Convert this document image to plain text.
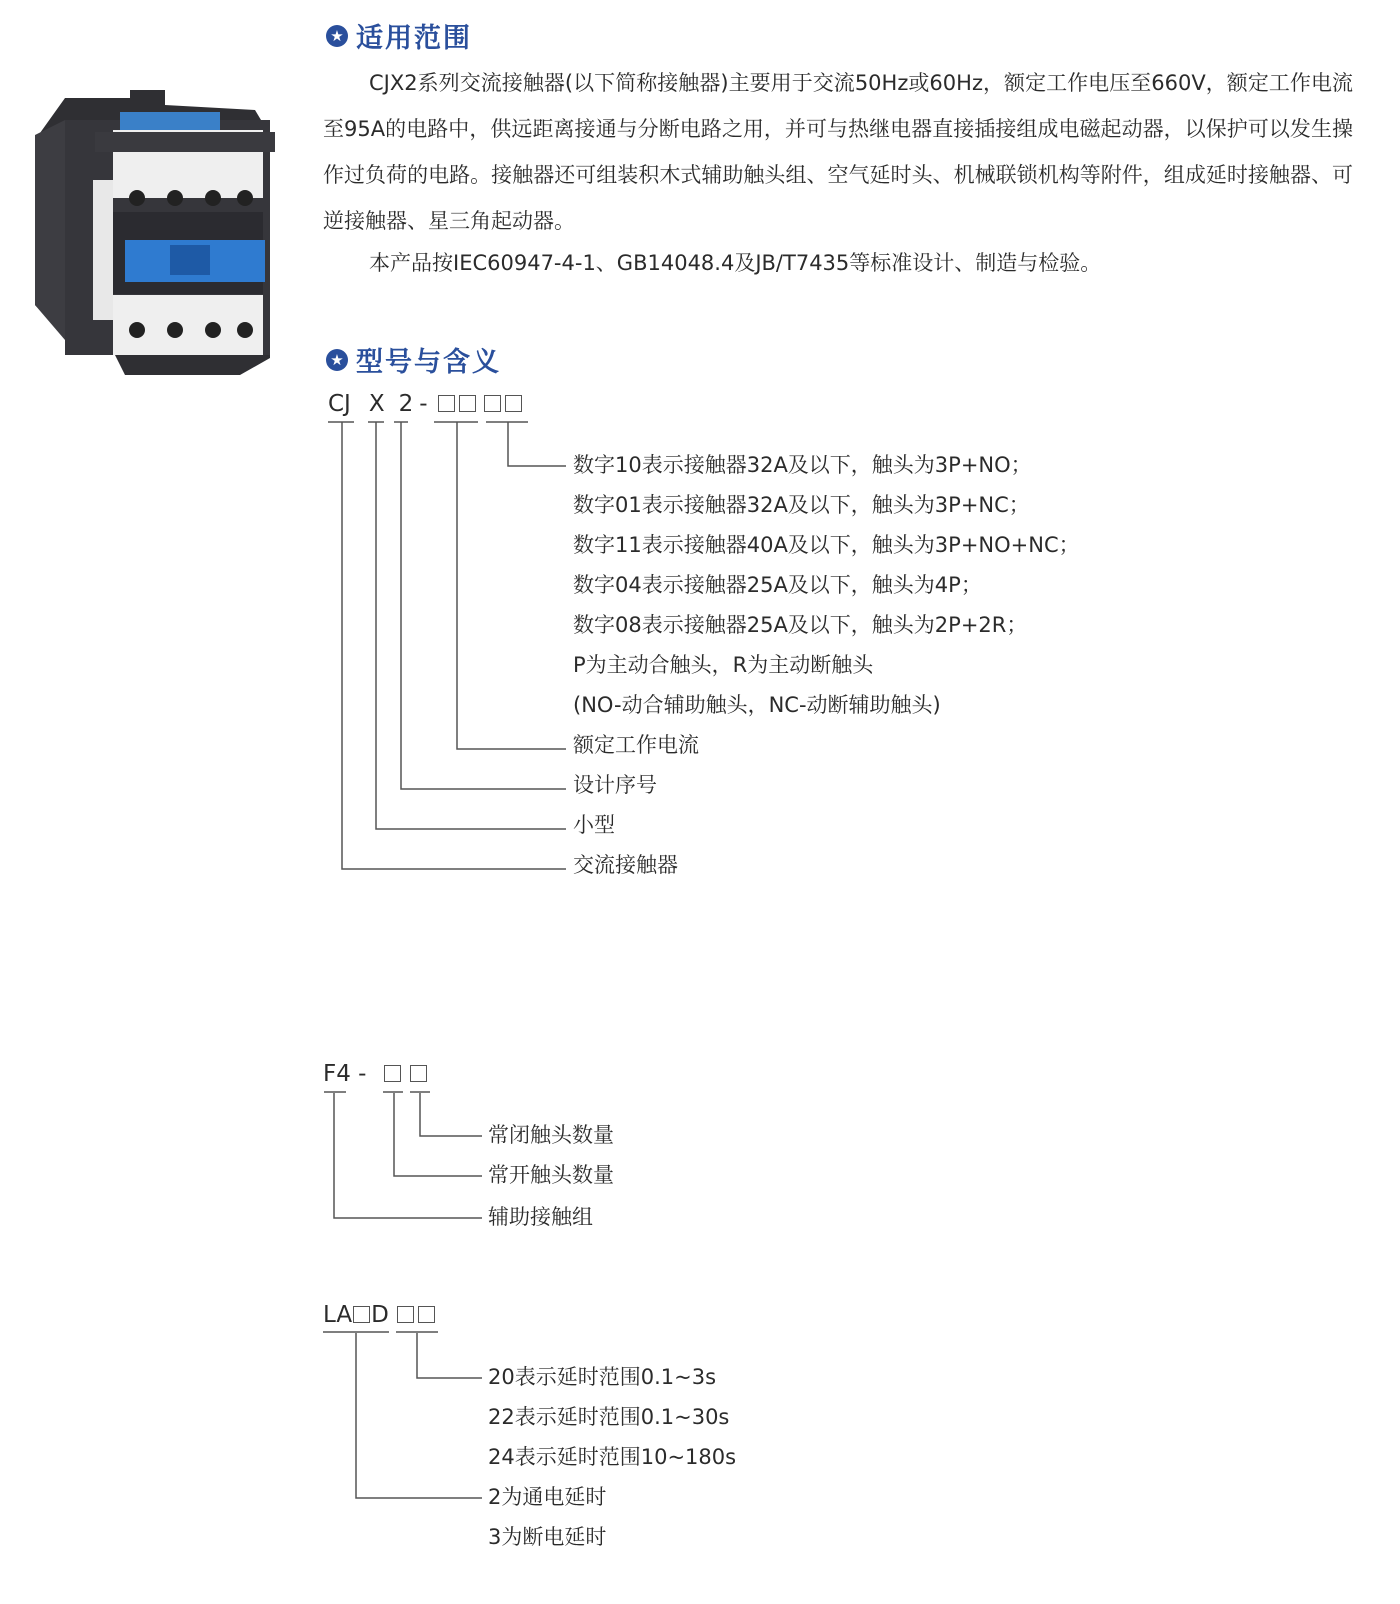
★ 适用范围

CJX2系列交流接触器(以下简称接触器)主要用于交流50Hz或60Hz，额定工作电压至660V，额定工作电流至95A的电路中，供远距离接通与分断电路之用，并可与热继电器直接插接组成电磁起动器，以保护可以发生操作过负荷的电路。接触器还可组装积木式辅助触头组、空气延时头、机械联锁机构等附件，组成延时接触器、可逆接触器、星三角起动器。

本产品按IEC60947-4-1、GB14048.4及JB/T7435等标准设计、制造与检验。

★ 型号与含义
CJ X 2 -
数字10表示接触器32A及以下，触头为3P+NO；
数字01表示接触器32A及以下，触头为3P+NC；
数字11表示接触器40A及以下，触头为3P+NO+NC；
数字04表示接触器25A及以下，触头为4P；
数字08表示接触器25A及以下，触头为2P+2R；
P为主动合触头，R为主动断触头
(NO-动合辅助触头，NC-动断辅助触头)
额定工作电流
设计序号
小型
交流接触器
F4 -
常闭触头数量
常开触头数量
辅助接触组
LA D
20表示延时范围0.1~3s
22表示延时范围0.1~30s
24表示延时范围10~180s
2为通电延时
3为断电延时
